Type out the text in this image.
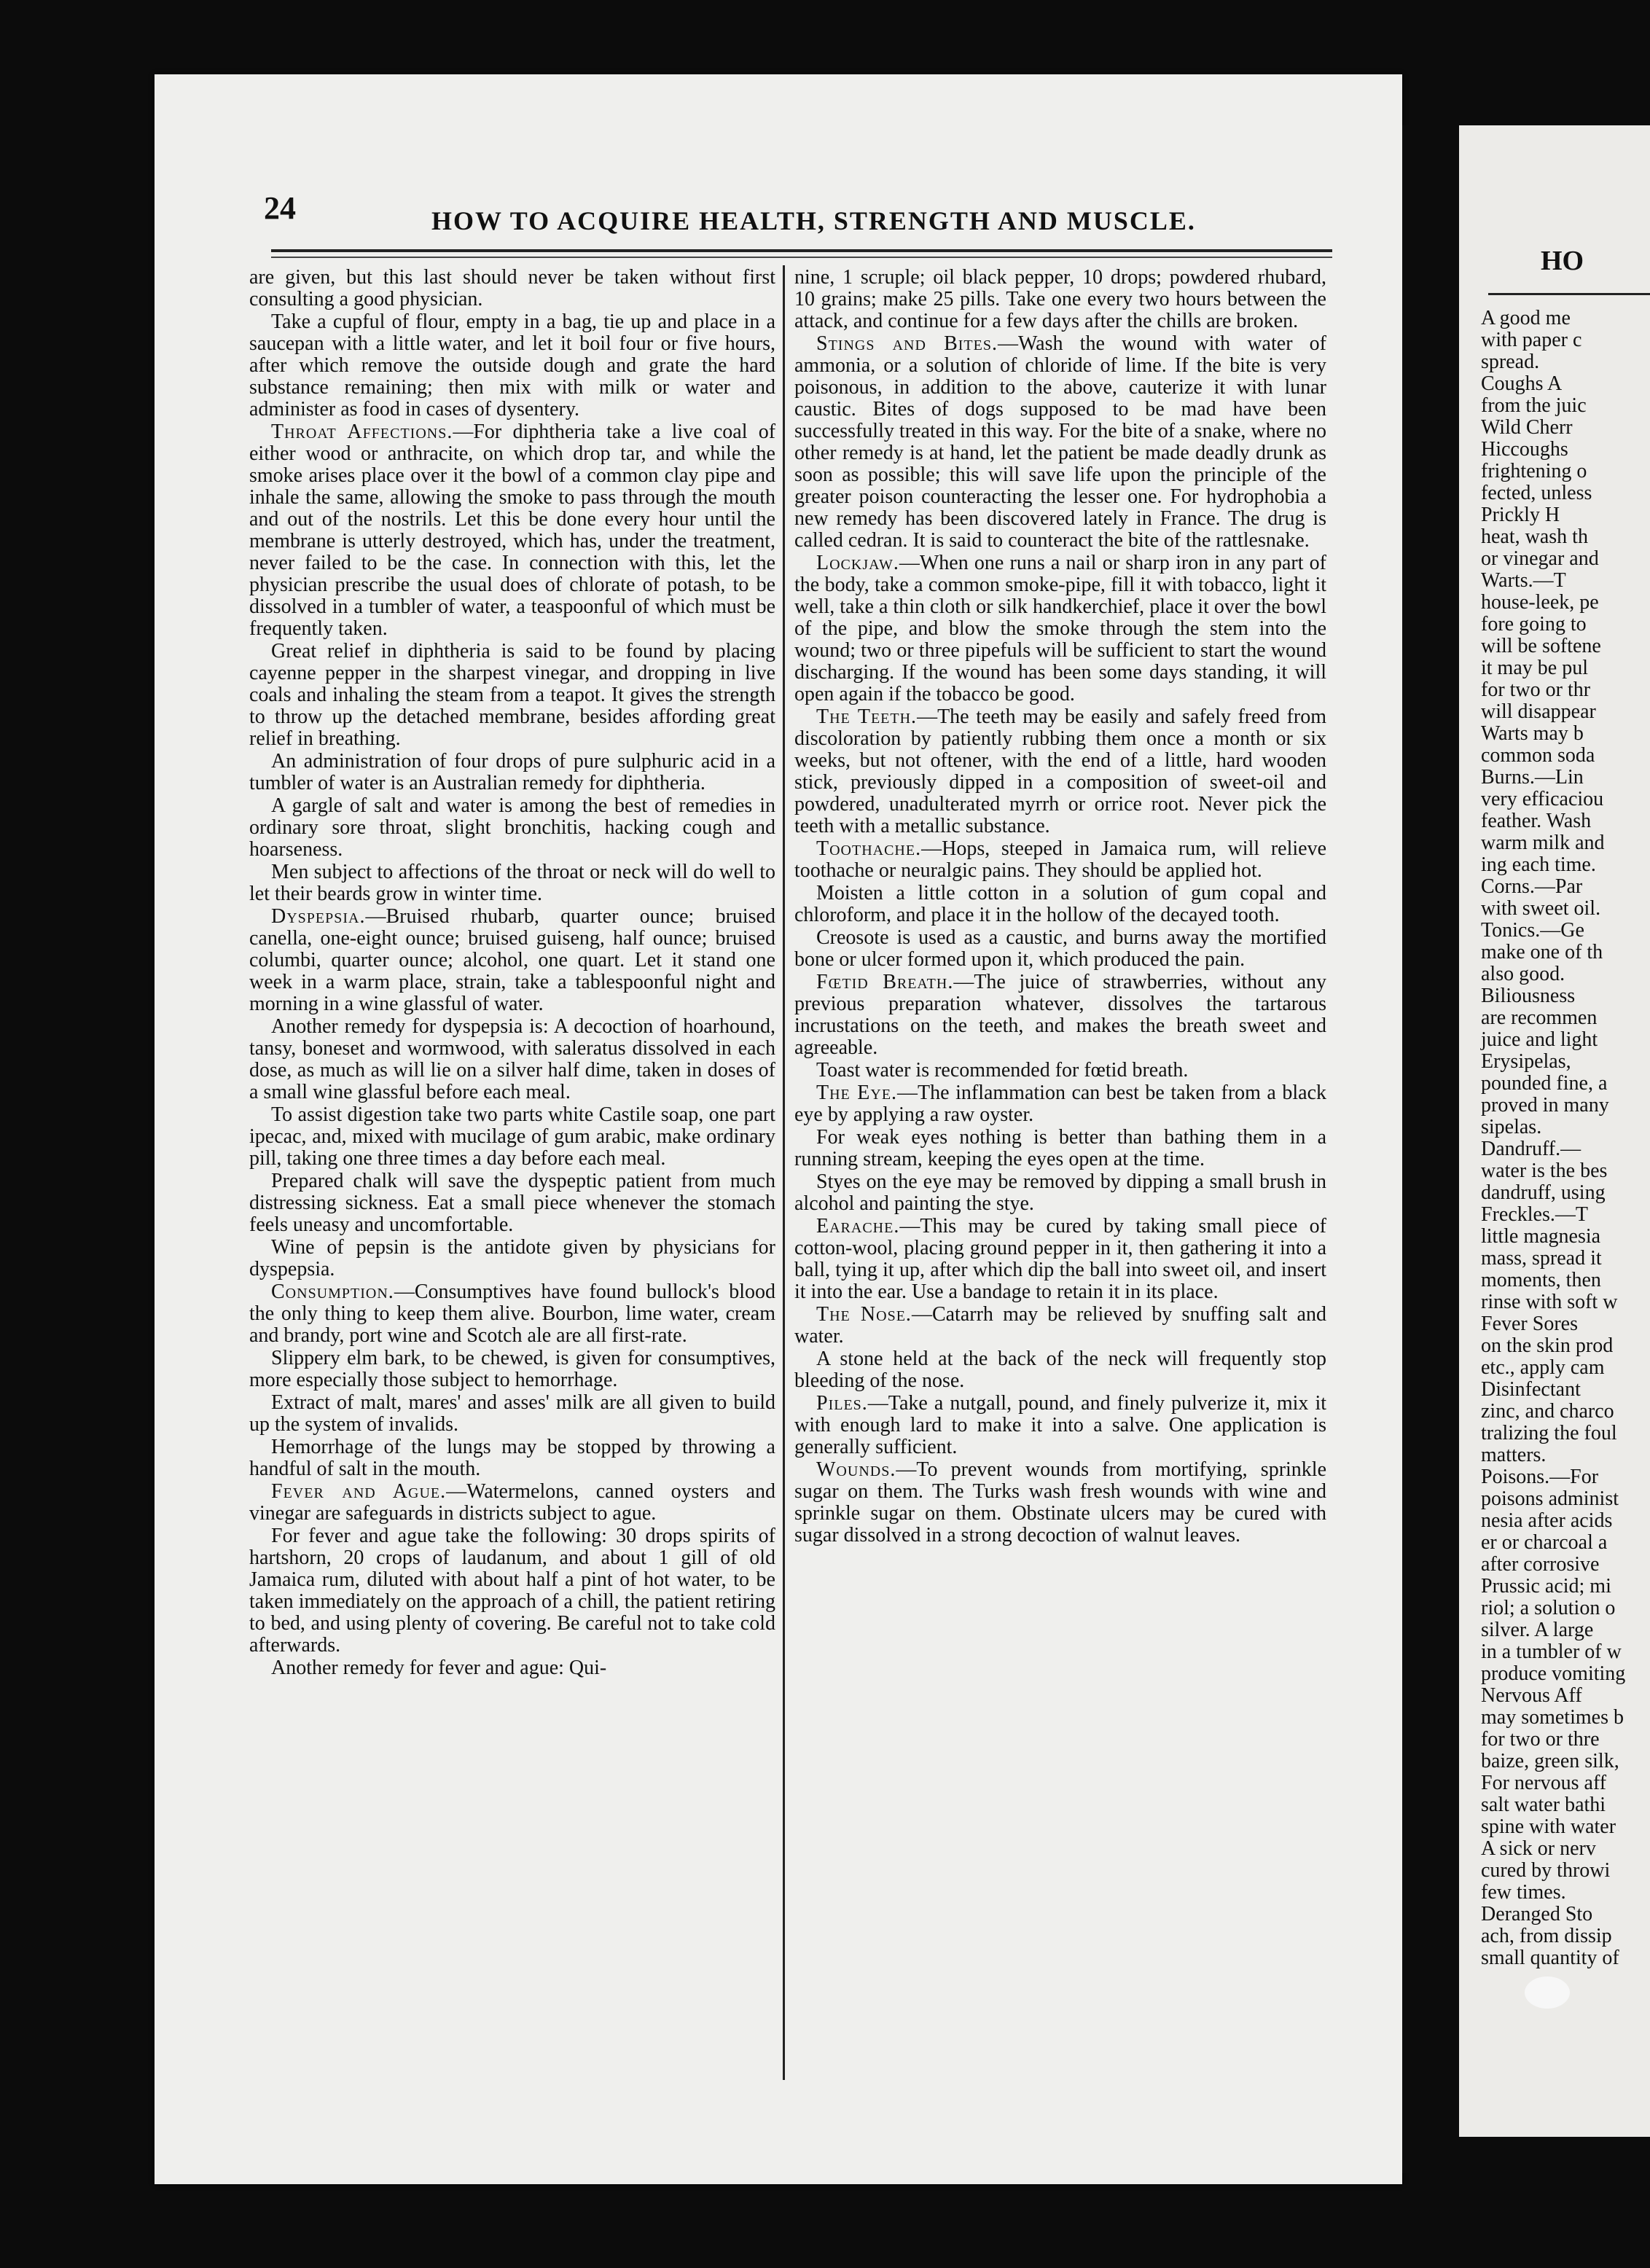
24	HOW TO ACQUIRE HEALTH, STRENGTH AND MUSCLE.

are given, but this last should never be taken without first consulting a good physician.

Take a cupful of flour, empty in a bag, tie up and place in a saucepan with a little water, and let it boil four or five hours, after which remove the outside dough and grate the hard substance remaining; then mix with milk or water and administer as food in cases of dysentery.

Throat Affections.—For diphtheria take a live coal of either wood or anthracite, on which drop tar, and while the smoke arises place over it the bowl of a common clay pipe and inhale the same, allowing the smoke to pass through the mouth and out of the nostrils. Let this be done every hour until the membrane is utterly destroyed, which has, under the treatment, never failed to be the case. In connection with this, let the physician prescribe the usual does of chlorate of potash, to be dissolved in a tumbler of water, a teaspoonful of which must be frequently taken.

Great relief in diphtheria is said to be found by placing cayenne pepper in the sharpest vinegar, and dropping in live coals and inhaling the steam from a teapot. It gives the strength to throw up the detached membrane, besides affording great relief in breathing.

An administration of four drops of pure sulphuric acid in a tumbler of water is an Australian remedy for diphtheria.

A gargle of salt and water is among the best of remedies in ordinary sore throat, slight bronchitis, hacking cough and hoarseness.

Men subject to affections of the throat or neck will do well to let their beards grow in winter time.

Dyspepsia.—Bruised rhubarb, quarter ounce; bruised canella, one-eight ounce; bruised guiseng, half ounce; bruised columbi, quarter ounce; alcohol, one quart. Let it stand one week in a warm place, strain, take a tablespoonful night and morning in a wine glassful of water.

Another remedy for dyspepsia is: A decoction of hoarhound, tansy, boneset and wormwood, with saleratus dissolved in each dose, as much as will lie on a silver half dime, taken in doses of a small wine glassful before each meal.

To assist digestion take two parts white Castile soap, one part ipecac, and, mixed with mucilage of gum arabic, make ordinary pill, taking one three times a day before each meal.

Prepared chalk will save the dyspeptic patient from much distressing sickness. Eat a small piece whenever the stomach feels uneasy and uncomfortable.

Wine of pepsin is the antidote given by physicians for dyspepsia.

Consumption.—Consumptives have found bullock's blood the only thing to keep them alive. Bourbon, lime water, cream and brandy, port wine and Scotch ale are all first-rate.

Slippery elm bark, to be chewed, is given for consumptives, more especially those subject to hemorrhage.

Extract of malt, mares' and asses' milk are all given to build up the system of invalids.

Hemorrhage of the lungs may be stopped by throwing a handful of salt in the mouth.

Fever and Ague.—Watermelons, canned oysters and vinegar are safeguards in districts subject to ague.

For fever and ague take the following: 30 drops spirits of hartshorn, 20 crops of laudanum, and about 1 gill of old Jamaica rum, diluted with about half a pint of hot water, to be taken immediately on the approach of a chill, the patient retiring to bed, and using plenty of covering. Be careful not to take cold afterwards.

Another remedy for fever and ague: Qui-

nine, 1 scruple; oil black pepper, 10 drops; powdered rhubard, 10 grains; make 25 pills. Take one every two hours between the attack, and continue for a few days after the chills are broken.

Stings and Bites.—Wash the wound with water of ammonia, or a solution of chloride of lime. If the bite is very poisonous, in addition to the above, cauterize it with lunar caustic. Bites of dogs supposed to be mad have been successfully treated in this way. For the bite of a snake, where no other remedy is at hand, let the patient be made deadly drunk as soon as possible; this will save life upon the principle of the greater poison counteracting the lesser one. For hydrophobia a new remedy has been discovered lately in France. The drug is called cedran. It is said to counteract the bite of the rattlesnake.

Lockjaw.—When one runs a nail or sharp iron in any part of the body, take a common smoke-pipe, fill it with tobacco, light it well, take a thin cloth or silk handkerchief, place it over the bowl of the pipe, and blow the smoke through the stem into the wound; two or three pipefuls will be sufficient to start the wound discharging. If the wound has been some days standing, it will open again if the tobacco be good.

The Teeth.—The teeth may be easily and safely freed from discoloration by patiently rubbing them once a month or six weeks, but not oftener, with the end of a little, hard wooden stick, previously dipped in a composition of sweet-oil and powdered, unadulterated myrrh or orrice root. Never pick the teeth with a metallic substance.

Toothache.—Hops, steeped in Jamaica rum, will relieve toothache or neuralgic pains. They should be applied hot.

Moisten a little cotton in a solution of gum copal and chloroform, and place it in the hollow of the decayed tooth.

Creosote is used as a caustic, and burns away the mortified bone or ulcer formed upon it, which produced the pain.

Fœtid Breath.—The juice of strawberries, without any previous preparation whatever, dissolves the tartarous incrustations on the teeth, and makes the breath sweet and agreeable.

Toast water is recommended for fœtid breath.

The Eye.—The inflammation can best be taken from a black eye by applying a raw oyster.

For weak eyes nothing is better than bathing them in a running stream, keeping the eyes open at the time.

Styes on the eye may be removed by dipping a small brush in alcohol and painting the stye.

Earache.—This may be cured by taking small piece of cotton-wool, placing ground pepper in it, then gathering it into a ball, tying it up, after which dip the ball into sweet oil, and insert it into the ear. Use a bandage to retain it in its place.

The Nose.—Catarrh may be relieved by snuffing salt and water.

A stone held at the back of the neck will frequently stop bleeding of the nose.

Piles.—Take a nutgall, pound, and finely pulverize it, mix it with enough lard to make it into a salve. One application is generally sufficient.

Wounds.—To prevent wounds from mortifying, sprinkle sugar on them. The Turks wash fresh wounds with wine and sprinkle sugar on them. Obstinate ulcers may be cured with sugar dissolved in a strong decoction of walnut leaves.

HO
A good me
with paper c
spread.
Coughs A
from the juic
Wild Cherr
Hiccoughs
frightening o
fected, unless
Prickly H
heat, wash th
or vinegar and
Warts.—T
house-leek, pe
fore going to
will be softene
it may be pul
for two or thr
will disappear
Warts may b
common soda
Burns.—Lin
very efficaciou
feather. Wash
warm milk and
ing each time.
Corns.—Par
with sweet oil.
Tonics.—Ge
make one of th
also good.
Biliousness
are recommen
juice and light
Erysipelas,
pounded fine, a
proved in many
sipelas.
Dandruff.—
water is the bes
dandruff, using
Freckles.—T
little magnesia
mass, spread it
moments, then
rinse with soft w
Fever Sores
on the skin prod
etc., apply cam
Disinfectant
zinc, and charco
tralizing the foul
matters.
Poisons.—For
poisons administ
nesia after acids
er or charcoal a
after corrosive
Prussic acid; mi
riol; a solution o
silver. A large
in a tumbler of w
produce vomiting
Nervous Aff
may sometimes b
for two or thre
baize, green silk,
For nervous aff
salt water bathi
spine with water
A sick or nerv
cured by throwi
few times.
Deranged Sto
ach, from dissip
small quantity of
